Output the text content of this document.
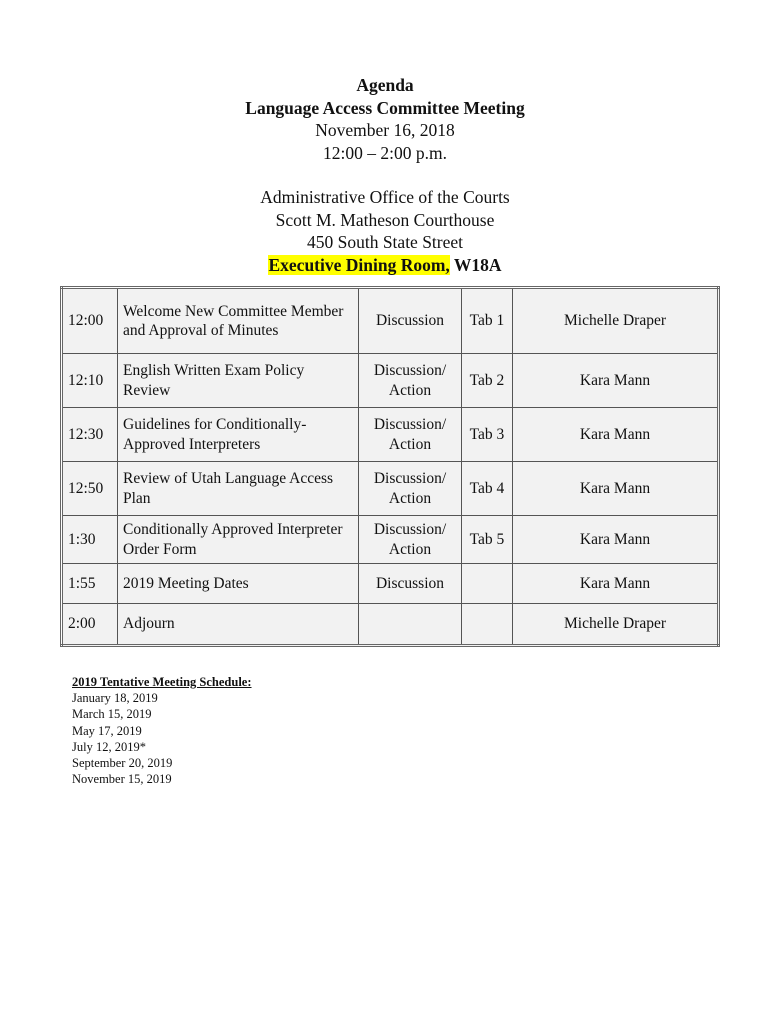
Agenda
Language Access Committee Meeting
November 16, 2018
12:00 – 2:00 p.m.
Administrative Office of the Courts
Scott M. Matheson Courthouse
450 South State Street
Executive Dining Room, W18A
12:00	Welcome New Committee Member and Approval of Minutes	Discussion	Tab 1	Michelle Draper
12:10	English Written Exam Policy Review	Discussion/ Action	Tab 2	Kara Mann
12:30	Guidelines for Conditionally-Approved Interpreters	Discussion/ Action	Tab 3	Kara Mann
12:50	Review of Utah Language Access Plan	Discussion/ Action	Tab 4	Kara Mann
1:30	Conditionally Approved Interpreter Order Form	Discussion/ Action	Tab 5	Kara Mann
1:55	2019 Meeting Dates	Discussion		Kara Mann
2:00	Adjourn			Michelle Draper
2019 Tentative Meeting Schedule:
January 18, 2019
March 15, 2019
May 17, 2019
July 12, 2019*
September 20, 2019
November 15, 2019
